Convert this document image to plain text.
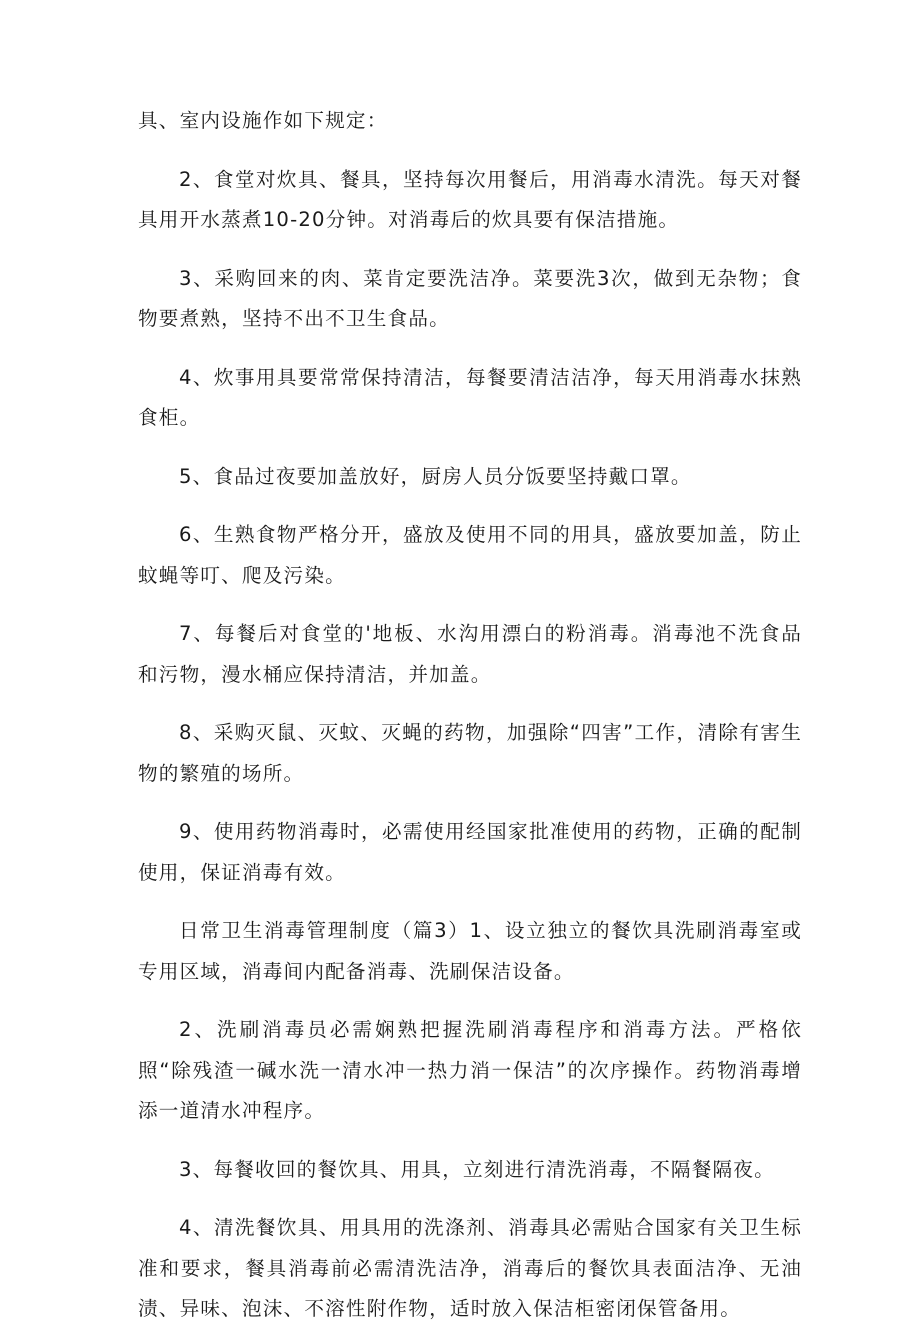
具、室内设施作如下规定：

2、食堂对炊具、餐具，坚持每次用餐后，用消毒水清洗。每天对餐具用开水蒸煮10-20分钟。对消毒后的炊具要有保洁措施。

3、采购回来的肉、菜肯定要洗洁净。菜要洗3次，做到无杂物；食物要煮熟，坚持不出不卫生食品。

4、炊事用具要常常保持清洁，每餐要清洁洁净，每天用消毒水抹熟食柜。

5、食品过夜要加盖放好，厨房人员分饭要坚持戴口罩。

6、生熟食物严格分开，盛放及使用不同的用具，盛放要加盖，防止蚊蝇等叮、爬及污染。

7、每餐后对食堂的'地板、水沟用漂白的粉消毒。消毒池不洗食品和污物，漫水桶应保持清洁，并加盖。

8、采购灭鼠、灭蚊、灭蝇的药物，加强除“四害”工作，清除有害生物的繁殖的场所。

9、使用药物消毒时，必需使用经国家批准使用的药物，正确的配制使用，保证消毒有效。

日常卫生消毒管理制度（篇3）1、设立独立的餐饮具洗刷消毒室或专用区域，消毒间内配备消毒、洗刷保洁设备。

2、洗刷消毒员必需娴熟把握洗刷消毒程序和消毒方法。严格依照“除残渣一碱水洗一清水冲一热力消一保洁”的次序操作。药物消毒增添一道清水冲程序。

3、每餐收回的餐饮具、用具，立刻进行清洗消毒，不隔餐隔夜。

4、清洗餐饮具、用具用的洗涤剂、消毒具必需贴合国家有关卫生标准和要求，餐具消毒前必需清洗洁净，消毒后的餐饮具表面洁净、无油渍、异味、泡沫、不溶性附作物，适时放入保洁柜密闭保管备用。
